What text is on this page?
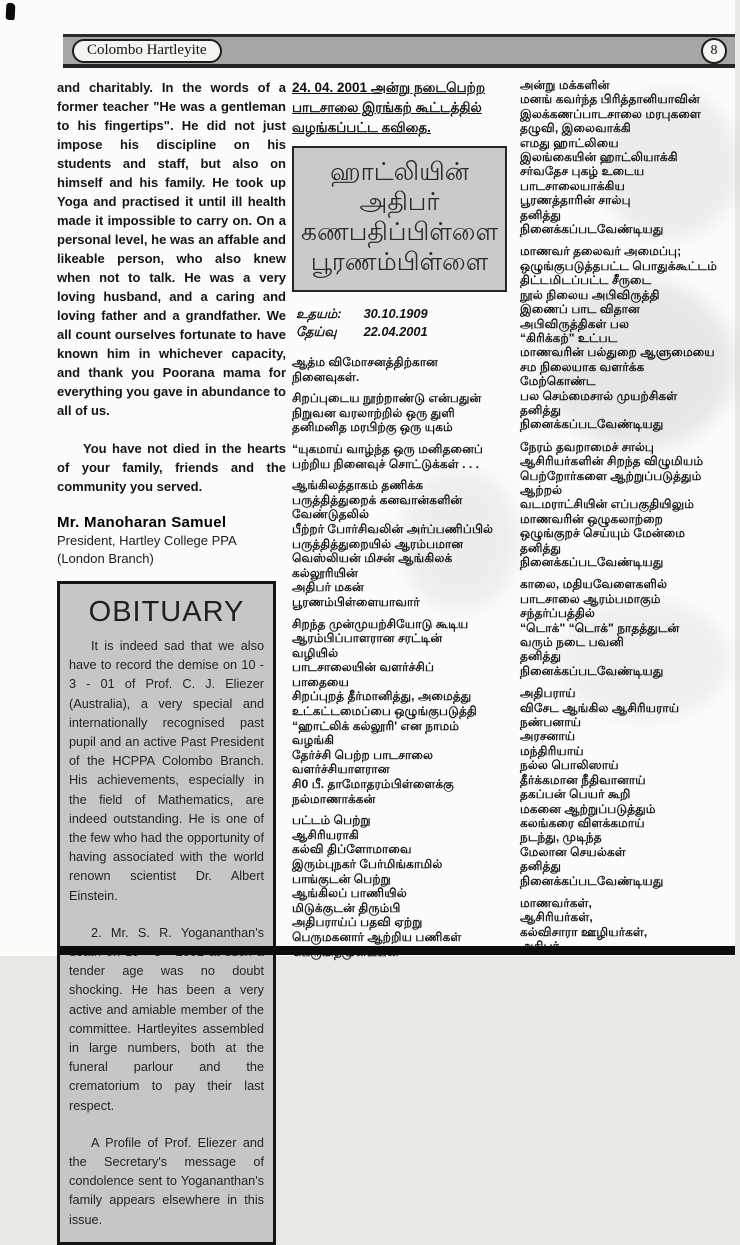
Colombo Hartleyite	8

and charitably. In the words of a former teacher "He was a gentleman to his fingertips". He did not just impose his discipline on his students and staff, but also on himself and his family. He took up Yoga and practised it until ill health made it impossible to carry on. On a personal level, he was an affable and likeable person, who also knew when not to talk. He was a very loving husband, and a caring and loving father and a grandfather. We all count ourselves fortunate to have known him in whichever capacity, and thank you Poorana mama for everything you gave in abundance to all of us.

You have not died in the hearts of your family, friends and the community you served.

Mr. Manoharan Samuel

President, Hartley College PPA (London Branch)

OBITUARY

It is indeed sad that we also have to record the demise on 10 - 3 - 01 of Prof. C. J. Eliezer (Australia), a very special and internationally recognised past pupil and an active Past President of the HCPPA Colombo Branch. His achievements, especially in the field of Mathematics, are indeed outstanding. He is one of the few who had the opportunity of having associated with the world renown scientist Dr. Albert Einstein.

2. Mr. S. R. Yogananthan's tender age was no doubt shocking. He has been a very active and amiable member of the committee. Hartleyites assembled in large numbers, both at the funeral parlour and the crematorium to pay their last respect.

A Profile of Prof. Eliezer and the Secretary's message of condolence sent to Yogananthan's family appears elsewhere in this issue.

24. 04. 2001 அன்று நடைபெற்ற பாடசாலை இரங்கற் கூட்டத்தில் வழங்கப்பட்ட கவிதை.

ஹாட்லியின்
அதிபர்
கணபதிப்பிள்ளை
பூரணம்பிள்ளை
உதயம்: 30.10.1909
தேய்வு 22.04.2001
ஆத்ம விமோசனத்திற்கான
நினைவுகள்.
சிறப்புடைய நூற்றாண்டு என்பதுன்
நிறுவன வரலாற்றில் ஒரு துளி
தனிமனித மரபிற்கு ஒரு யுகம்
“யுகமாய் வாழ்ந்த ஒரு மனிதனைப்
பற்றிய நினைவுச் சொட்டுக்கள் . . .
ஆங்கிலத்தாகம் தணிக்க
பருத்தித்துறைக் கனவான்களின்
வேண்டுதலில்
பீற்றர் போர்சிவலின் அர்ப்பணிப்பில்
பருத்தித்துறையில் ஆரம்பமான
வெஸ்லியன் மிசன் ஆங்கிலக்
கல்லூரியின்
அதிபர் மகன்
பூரணம்பிள்ளையாவார்
சிறந்த முன்முயற்சியோடு கூடிய
ஆரம்பிப்பாளரான சரட்டின்
வழியில்
பாடசாலையின் வளர்ச்சிப்
பாதையை
சிறப்புறத் தீர்மானித்து, அமைத்து
உட்கட்டமைப்பை ஒழுங்குபடுத்தி
“ஹாட்லிக் கல்லூரி' என நாமம்
வழங்கி
தேர்ச்சி பெற்ற பாடசாலை
வளர்ச்சியாளரான
சி0 பீ. தாமோதரம்பிள்ளைக்கு
நல்மாணாக்கன்
பட்டம் பெற்று
ஆசிரியராகி
கல்வி திப்ளோமாவை
இரும்புநகர் பேர்மிங்காமில்
பாங்குடன் பெற்று
ஆங்கிலப் பாணியில்
மிடுக்குடன் திரும்பி
அதிபராய்ப் பதவி ஏற்று
பெருமகனார் ஆற்றிய பணிகள்
அன்று மக்களின்
மனங் கவர்ந்த பிரித்தானியாவின்
இலக்கணப்பாடசாலை மரபுகளை
தழுவி, இலைவாக்கி
எமது ஹாட்லியை
இலங்கையின் ஹாட்லியாக்கி
சர்வதேச புகழ் உடைய
பாடசாலையாக்கிய
பூரணத்தாரின் சால்பு
தனித்து
நினைக்கப்படவேண்டியது
மாணவர் தலைவர் அமைப்பு;
ஒழுங்குபடுத்தபட்ட பொதுக்கூட்டம்
திட்டமிடப்பட்ட சீருடை
நூல் நிலைய அபிவிருத்தி
இணைப் பாட விதான
அபிவிருத்திகள் பல
“கிரிக்கற்" உட்பட
மாணவரின் பல்துறை ஆளுமையை
சம நிலையாக வளர்க்க
மேற்கொண்ட
பல செம்மைசால் முயற்சிகள்
தனித்து
நினைக்கப்படவேண்டியது
நேரம் தவறாமைச் சால்பு
ஆசிரியர்களின் சிறந்த விழுமியம்
பெற்றோர்களை ஆற்றுப்படுத்தும்
ஆற்றல்
வடமராட்சியின் எப்பகுதியிலும்
மாணவரின் ஒழுகலாற்றை
ஒழுங்குறச் செய்யும் மேன்மை
தனித்து
நினைக்கப்படவேண்டியது
காலை, மதியவேளைகளில்
பாடசாலை ஆரம்பமாகும்
சந்தர்ப்பத்தில்
“டொக்" “டொக்" நாதத்துடன்
வரும் நடை பவனி
தனித்து
நினைக்கப்படவேண்டியது
அதிபராய்
விசேட ஆங்கில ஆசிரியராய்
நண்பனாய்
அரசனாய்
மந்திரியாய்
நல்ல பொலிஸாய்
தீர்க்கமான நீதிவானாய்
தகப்பன் பெயர் கூறி
மகனை ஆற்றுப்படுத்தும்
கலங்கரை விளக்கமாய்
நடந்து, முடிந்த
மேலான செயல்கள்
தனித்து
நினைக்கப்படவேண்டியது
மாணவர்கள்,
ஆசிரியர்கள்,
கல்விசாரா ஊழியர்கள்,
